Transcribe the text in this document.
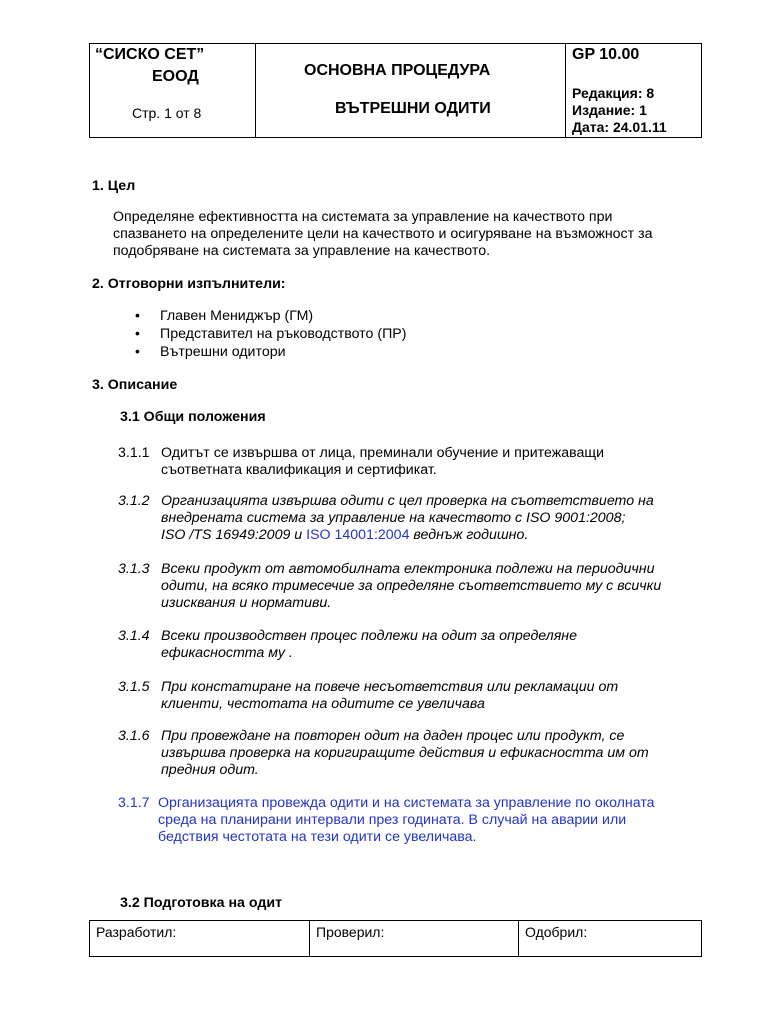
“СИСКО СЕТ”
ЕООД
Стр. 1 от 8
ОСНОВНА ПРОЦЕДУРА
ВЪТРЕШНИ ОДИТИ
GP 10.00
Редакция: 8
Издание: 1
Дата: 24.01.11
1. Цел
Определяне ефективността на системата за управление на качеството при
спазването на определените цели на качеството и осигуряване на възможност за
подобряване на системата за управление на качеството.
2. Отговорни изпълнители:
• Главен Мениджър (ГМ)
• Представител на ръководството (ПР)
• Вътрешни одитори
3. Описание
3.1 Общи положения
3.1.1 Одитът се извършва от лица, преминали обучение и притежаващи
съответната квалификация и сертификат.
3.1.2 Организацията извършва одити с цел проверка на съответствието на
внедрената система за управление на качеството с ISO 9001:2008;
ISO /TS 16949:2009 и ISO 14001:2004 веднъж годишно.
3.1.3 Всеки продукт от автомобилната електроника подлежи на периодични
одити, на всяко тримесечие за определяне съответствието му с всички
изисквания и нормативи.
3.1.4 Всеки производствен процес подлежи на одит за определяне
ефикасността му .
3.1.5 При констатиране на повече несъответствия или рекламации от
клиенти, честотата на одитите се увеличава
3.1.6 При провеждане на повторен одит на даден процес или продукт, се
извършва проверка на коригиращите действия и ефикасността им от
предния одит.
3.1.7 Организацията провежда одити и на системата за управление по околната
среда на планирани интервали през годината. В случай на аварии или
бедствия честотата на тези одити се увеличава.
3.2 Подготовка на одит
Разработил:	Проверил:	Одобрил:
